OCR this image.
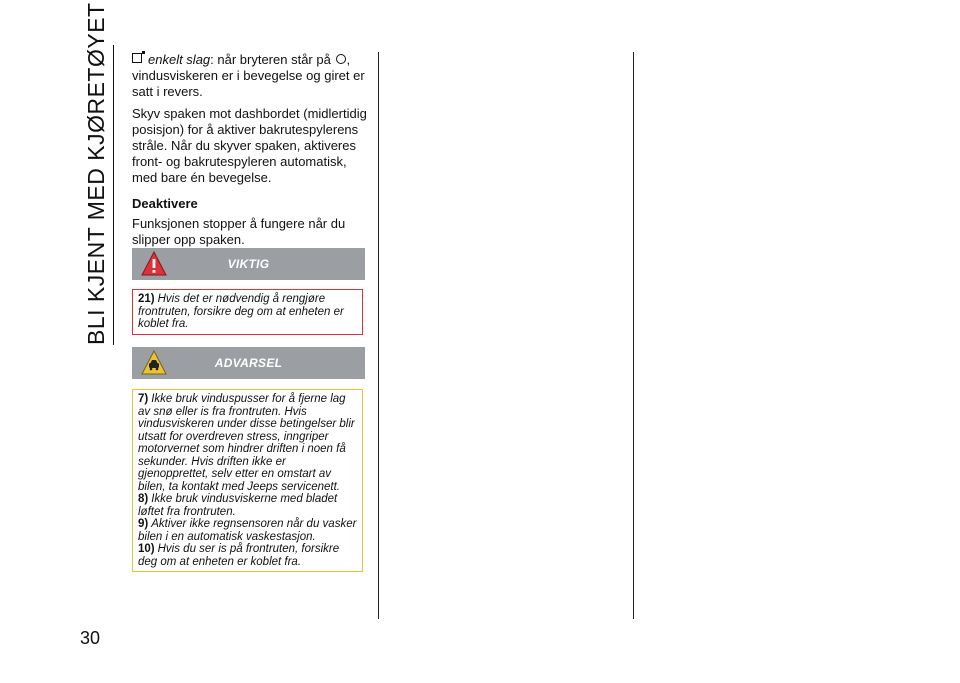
BLI KJENT MED KJØRETØYET
30

enkelt slag: når bryteren står på , vindusviskeren er i bevegelse og giret er satt i revers.

Skyv spaken mot dashbordet (midlertidig posisjon) for å aktiver bakrutespylerens stråle. Når du skyver spaken, aktiveres front- og bakrutespyleren automatisk, med bare én bevegelse.

Deaktivere

Funksjonen stopper å fungere når du slipper opp spaken.

VIKTIG

21) Hvis det er nødvendig å rengjøre frontruten, forsikre deg om at enheten er koblet fra.

ADVARSEL

7) Ikke bruk vinduspusser for å fjerne lag av snø eller is fra frontruten. Hvis vindusviskeren under disse betingelser blir utsatt for overdreven stress, inngriper motorvernet som hindrer driften i noen få sekunder. Hvis driften ikke er gjenopprettet, selv etter en omstart av bilen, ta kontakt med Jeeps servicenett.

8) Ikke bruk vindusviskerne med bladet løftet fra frontruten.

9) Aktiver ikke regnsensoren når du vasker bilen i en automatisk vaskestasjon.

10) Hvis du ser is på frontruten, forsikre deg om at enheten er koblet fra.
